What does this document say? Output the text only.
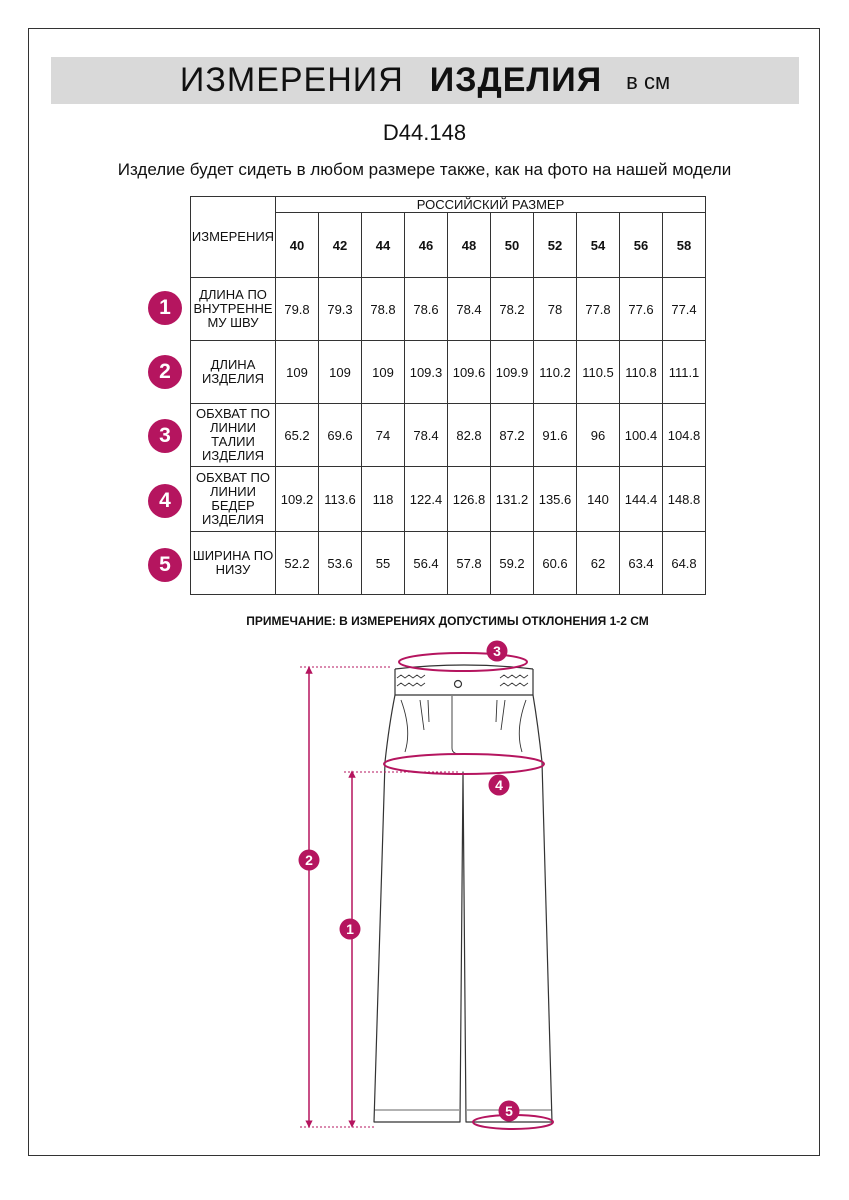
ИЗМЕРЕНИЯ ИЗДЕЛИЯ в см
D44.148
Изделие будет сидеть в любом размере также, как на фото на нашей модели
ИЗМЕРЕНИЯ	РОССИЙСКИЙ РАЗМЕР									
	40	42	44	46	48	50	52	54	56	58
ДЛИНА ПО ВНУТРЕННЕ МУ ШВУ	79.8	79.3	78.8	78.6	78.4	78.2	78	77.8	77.6	77.4
ДЛИНА ИЗДЕЛИЯ	109	109	109	109.3	109.6	109.9	110.2	110.5	110.8	111.1
ОБХВАТ ПО ЛИНИИ ТАЛИИ ИЗДЕЛИЯ	65.2	69.6	74	78.4	82.8	87.2	91.6	96	100.4	104.8
ОБХВАТ ПО ЛИНИИ БЕДЕР ИЗДЕЛИЯ	109.2	113.6	118	122.4	126.8	131.2	135.6	140	144.4	148.8
ШИРИНА ПО НИЗУ	52.2	53.6	55	56.4	57.8	59.2	60.6	62	63.4	64.8
1
2
3
4
5
ПРИМЕЧАНИЕ: В ИЗМЕРЕНИЯХ ДОПУСТИМЫ ОТКЛОНЕНИЯ 1-2 СМ
3
4
2
1
5
